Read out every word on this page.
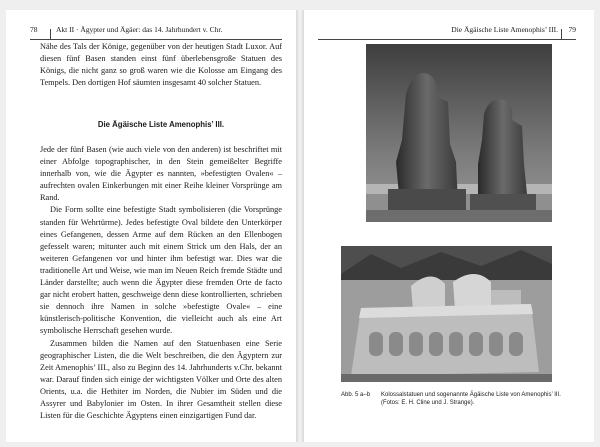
78 Akt II · Ägypter und Ägäer: das 14. Jahrhundert v. Chr.

Nähe des Tals der Könige, gegenüber von der heutigen Stadt Luxor. Auf diesen fünf Basen standen einst fünf überlebensgroße Statuen des Königs, die nicht ganz so groß waren wie die Kolosse am Eingang des Tempels. Den dortigen Hof säumten insgesamt 40 solcher Statuen.

Die Ägäische Liste Amenophis’ III.

Jede der fünf Basen (wie auch viele von den anderen) ist beschriftet mit einer Abfolge topographischer, in den Stein gemeißelter Begriffe innerhalb von, wie die Ägypter es nannten, »befestigten Ovalen« – aufrechten ovalen Einkerbungen mit einer Reihe kleiner Vorsprünge am Rand.

Die Form sollte eine befestigte Stadt symbolisieren (die Vorsprünge standen für Wehrtürme). Jedes befestigte Oval bildete den Unterkörper eines Gefangenen, dessen Arme auf dem Rücken an den Ellenbogen gefesselt waren; mitunter auch mit einem Strick um den Hals, der an weiteren Gefangenen vor und hinter ihm befestigt war. Dies war die traditionelle Art und Weise, wie man im Neuen Reich fremde Städte und Länder darstellte; auch wenn die Ägypter diese fremden Orte de facto gar nicht erobert hatten, geschweige denn diese kontrollierten, schrieben sie dennoch ihre Namen in solche »befestigte Ovale« – eine künstlerisch-politische Konvention, die vielleicht auch als eine Art symbolische Herrschaft gesehen wurde.

Zusammen bilden die Namen auf den Statuenbasen eine Serie geographischer Listen, die die Welt beschreiben, die den Ägyptern zur Zeit Amenophis’ III., also zu Beginn des 14. Jahrhunderts v.Chr. bekannt war. Darauf finden sich einige der wichtigsten Völker und Orte des alten Orients, u.a. die Hethiter im Norden, die Nubier im Süden und die Assyrer und Babylonier im Osten. In ihrer Gesamtheit stellen diese Listen für die Geschichte Ägyptens einen einzigartigen Fund dar.

Die Ägäische Liste Amenophis’ III. 79
Abb. 5 a–b	Kolossalstatuen und sogenannte Ägäische Liste von Amenophis’ III. (Fotos: E. H. Cline und J. Strange).
